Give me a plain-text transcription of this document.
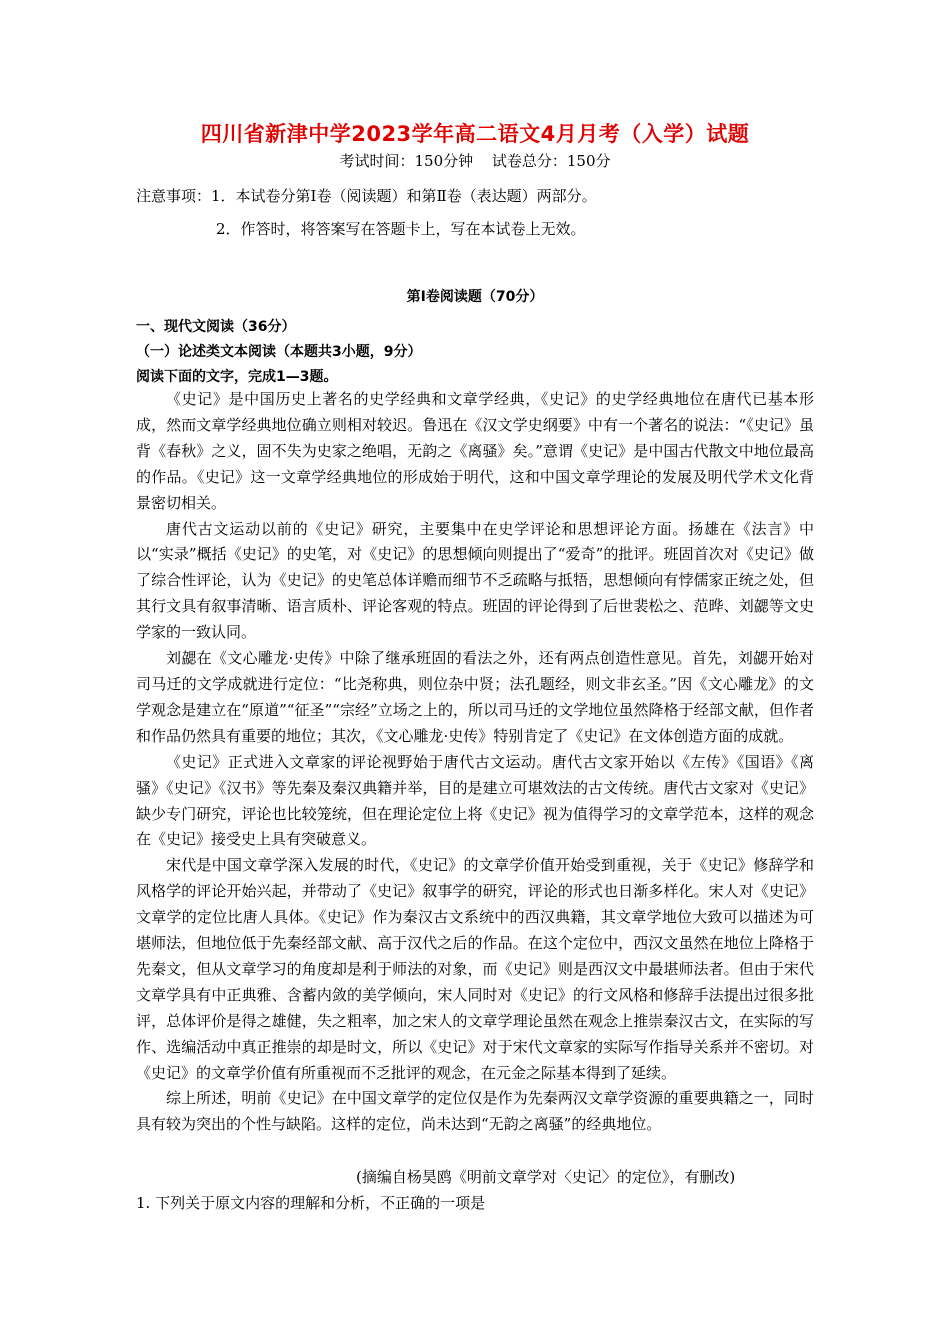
四川省新津中学2023学年高二语文4月月考（入学）试题
考试时间：150分钟 试卷总分：150分
注意事项：1．本试卷分第Ⅰ卷（阅读题）和第Ⅱ卷（表达题）两部分。
2．作答时，将答案写在答题卡上，写在本试卷上无效。
第Ⅰ卷阅读题（70分）
一、现代文阅读（36分）
（一）论述类文本阅读（本题共3小题，9分）
阅读下面的文字，完成1—3题。

《史记》是中国历史上著名的史学经典和文章学经典，《史记》的史学经典地位在唐代已基本形成，然而文章学经典地位确立则相对较迟。鲁迅在《汉文学史纲要》中有一个著名的说法：“《史记》虽背《春秋》之义，固不失为史家之绝唱，无韵之《离骚》矣。”意谓《史记》是中国古代散文中地位最高的作品。《史记》这一文章学经典地位的形成始于明代，这和中国文章学理论的发展及明代学术文化背景密切相关。

唐代古文运动以前的《史记》研究，主要集中在史学评论和思想评论方面。扬雄在《法言》中以“实录”概括《史记》的史笔，对《史记》的思想倾向则提出了“爱奇”的批评。班固首次对《史记》做了综合性评论，认为《史记》的史笔总体详赡而细节不乏疏略与抵牾，思想倾向有悖儒家正统之处，但其行文具有叙事清晰、语言质朴、评论客观的特点。班固的评论得到了后世裴松之、范晔、刘勰等文史学家的一致认同。

刘勰在《文心雕龙·史传》中除了继承班固的看法之外，还有两点创造性意见。首先，刘勰开始对司马迁的文学成就进行定位：“比尧称典，则位杂中贤；法孔题经，则文非玄圣。”因《文心雕龙》的文学观念是建立在“原道”“征圣”“宗经”立场之上的，所以司马迁的文学地位虽然降格于经部文献，但作者和作品仍然具有重要的地位；其次，《文心雕龙·史传》特别肯定了《史记》在文体创造方面的成就。

《史记》正式进入文章家的评论视野始于唐代古文运动。唐代古文家开始以《左传》《国语》《离骚》《史记》《汉书》等先秦及秦汉典籍并举，目的是建立可堪效法的古文传统。唐代古文家对《史记》缺少专门研究，评论也比较笼统，但在理论定位上将《史记》视为值得学习的文章学范本，这样的观念在《史记》接受史上具有突破意义。

宋代是中国文章学深入发展的时代，《史记》的文章学价值开始受到重视，关于《史记》修辞学和风格学的评论开始兴起，并带动了《史记》叙事学的研究，评论的形式也日渐多样化。宋人对《史记》文章学的定位比唐人具体。《史记》作为秦汉古文系统中的西汉典籍，其文章学地位大致可以描述为可堪师法，但地位低于先秦经部文献、高于汉代之后的作品。在这个定位中，西汉文虽然在地位上降格于先秦文，但从文章学习的角度却是利于师法的对象，而《史记》则是西汉文中最堪师法者。但由于宋代文章学具有中正典雅、含蓄内敛的美学倾向，宋人同时对《史记》的行文风格和修辞手法提出过很多批评，总体评价是得之雄健，失之粗率，加之宋人的文章学理论虽然在观念上推崇秦汉古文，在实际的写作、选编活动中真正推崇的却是时文，所以《史记》对于宋代文章家的实际写作指导关系并不密切。对《史记》的文章学价值有所重视而不乏批评的观念，在元金之际基本得到了延续。

综上所述，明前《史记》在中国文章学的定位仅是作为先秦两汉文章学资源的重要典籍之一，同时具有较为突出的个性与缺陷。这样的定位，尚未达到“无韵之离骚”的经典地位。

(摘编自杨昊鸥《明前文章学对〈史记〉的定位》，有删改)
1. 下列关于原文内容的理解和分析，不正确的一项是
